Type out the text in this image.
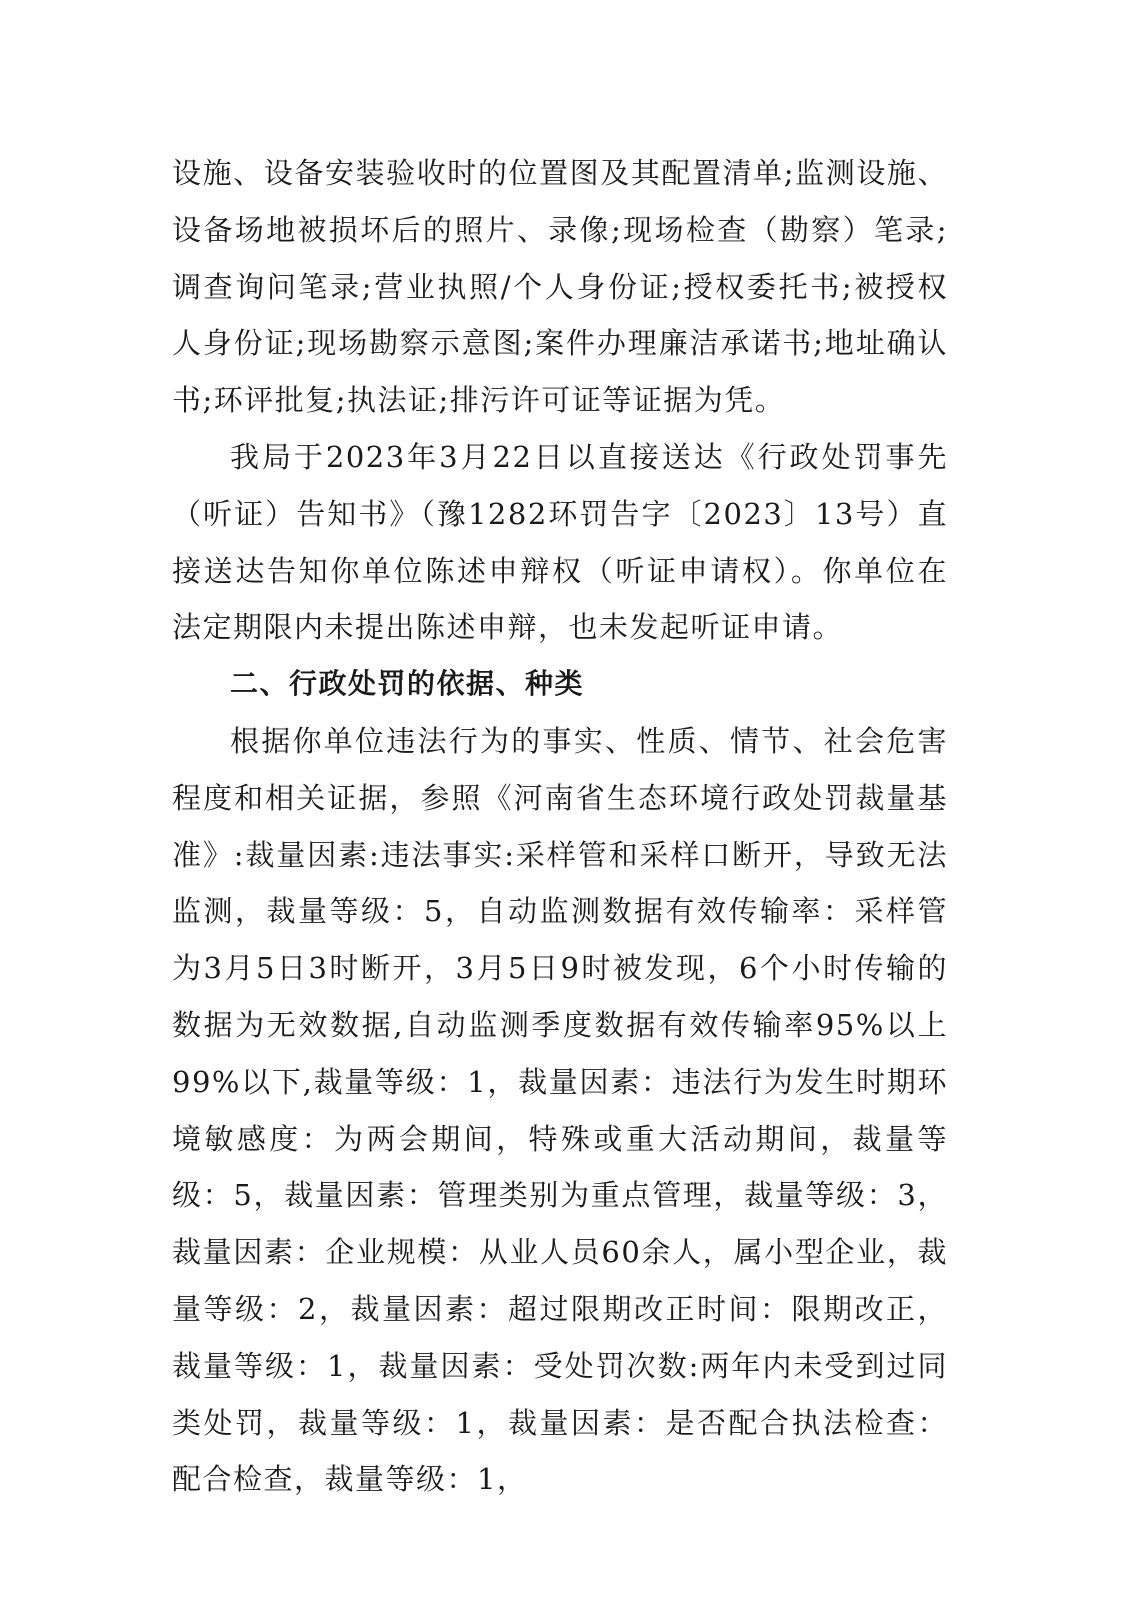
设施、设备安装验收时的位置图及其配置清单;监测设施、设备场地被损坏后的照片、录像;现场检查（勘察）笔录;调查询问笔录;营业执照/个人身份证;授权委托书;被授权人身份证;现场勘察示意图;案件办理廉洁承诺书;地址确认书;环评批复;执法证;排污许可证等证据为凭。

我局于2023年3月22日以直接送达《行政处罚事先（听证）告知书》（豫1282环罚告字〔2023〕13号）直接送达告知你单位陈述申辩权（听证申请权）。你单位在法定期限内未提出陈述申辩，也未发起听证申请。

二、行政处罚的依据、种类

根据你单位违法行为的事实、性质、情节、社会危害程度和相关证据，参照《河南省生态环境行政处罚裁量基准》:裁量因素:违法事实:采样管和采样口断开，导致无法监测，裁量等级：5，自动监测数据有效传输率：采样管为3月5日3时断开，3月5日9时被发现，6个小时传输的数据为无效数据,自动监测季度数据有效传输率95%以上99%以下,裁量等级：1，裁量因素：违法行为发生时期环境敏感度：为两会期间，特殊或重大活动期间，裁量等级：5，裁量因素：管理类别为重点管理，裁量等级：3，裁量因素：企业规模：从业人员60余人，属小型企业，裁量等级：2，裁量因素：超过限期改正时间：限期改正，裁量等级：1，裁量因素：受处罚次数:两年内未受到过同类处罚，裁量等级：1，裁量因素：是否配合执法检查：配合检查，裁量等级：1，
